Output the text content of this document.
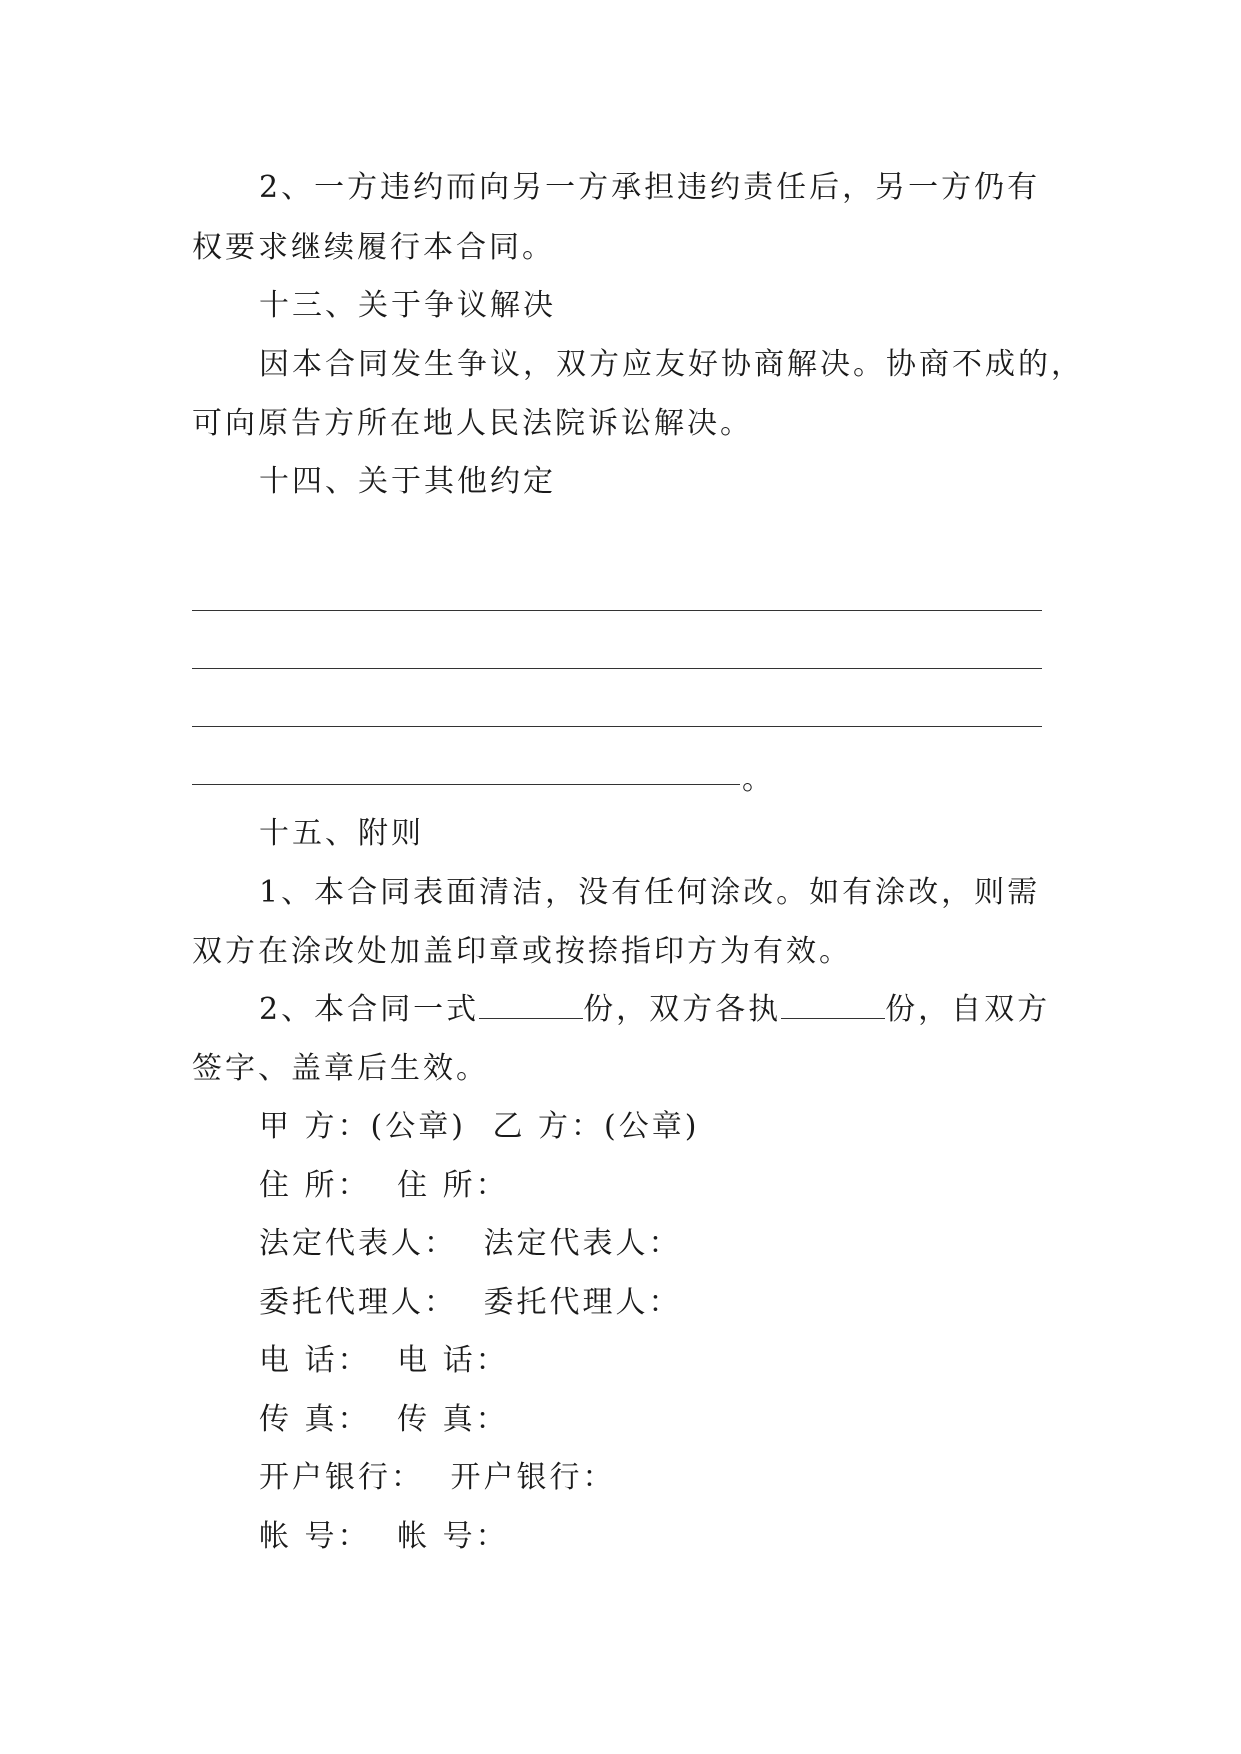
2、一方违约而向另一方承担违约责任后，另一方仍有
权要求继续履行本合同。
十三、关于争议解决
因本合同发生争议，双方应友好协商解决。协商不成的，
可向原告方所在地人民法院诉讼解决。
十四、关于其他约定
。
十五、附则
1、本合同表面清洁，没有任何涂改。如有涂改，则需
双方在涂改处加盖印章或按捺指印方为有效。
2、本合同一式	份，双方各执	份，自双方
签字、盖章后生效。
甲 方：(公章) 乙 方：(公章)
住 所： 住 所：
法定代表人： 法定代表人：
委托代理人： 委托代理人：
电 话： 电 话：
传 真： 传 真：
开户银行： 开户银行：
帐 号： 帐 号：
